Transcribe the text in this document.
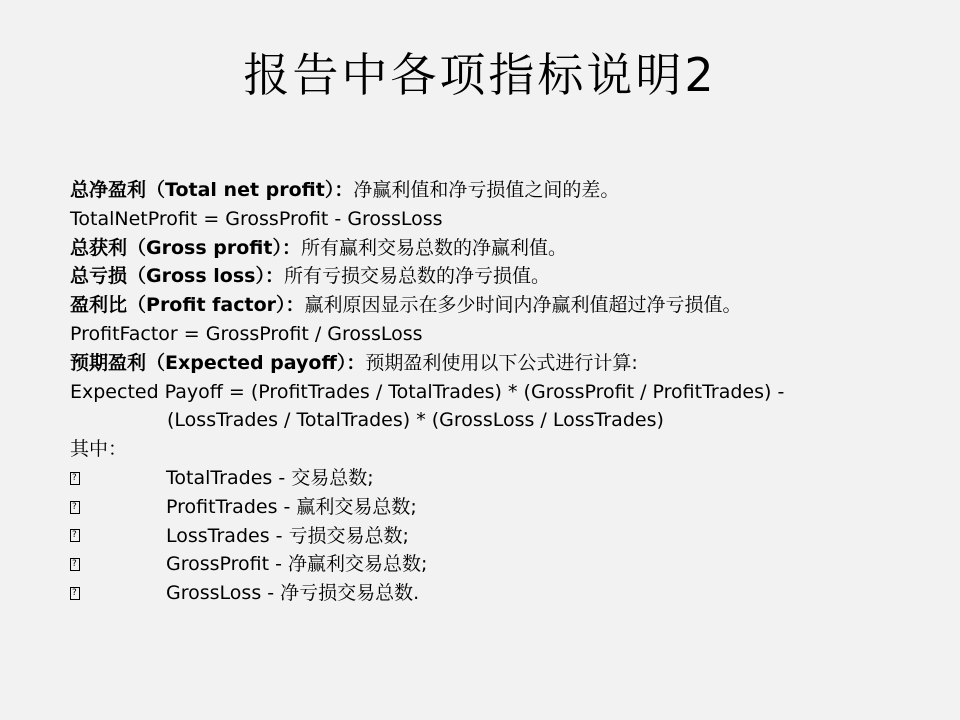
报告中各项指标说明2
总净盈利（Total net profit）：净赢利值和净亏损值之间的差。
TotalNetProfit = GrossProfit - GrossLoss
总获利（Gross profit）：所有赢利交易总数的净赢利值。
总亏损（Gross loss）：所有亏损交易总数的净亏损值。
盈利比（Profit factor）：赢利原因显示在多少时间内净赢利值超过净亏损值。
ProfitFactor = GrossProfit / GrossLoss
预期盈利（Expected payoff）：预期盈利使用以下公式进行计算:
Expected Payoff = (ProfitTrades / TotalTrades) * (GrossProfit / ProfitTrades) -
(LossTrades / TotalTrades) * (GrossLoss / LossTrades)
其中：
?
TotalTrades - 交易总数;
?
ProfitTrades - 赢利交易总数;
?
LossTrades - 亏损交易总数;
?
GrossProfit - 净赢利交易总数;
?
GrossLoss - 净亏损交易总数.
